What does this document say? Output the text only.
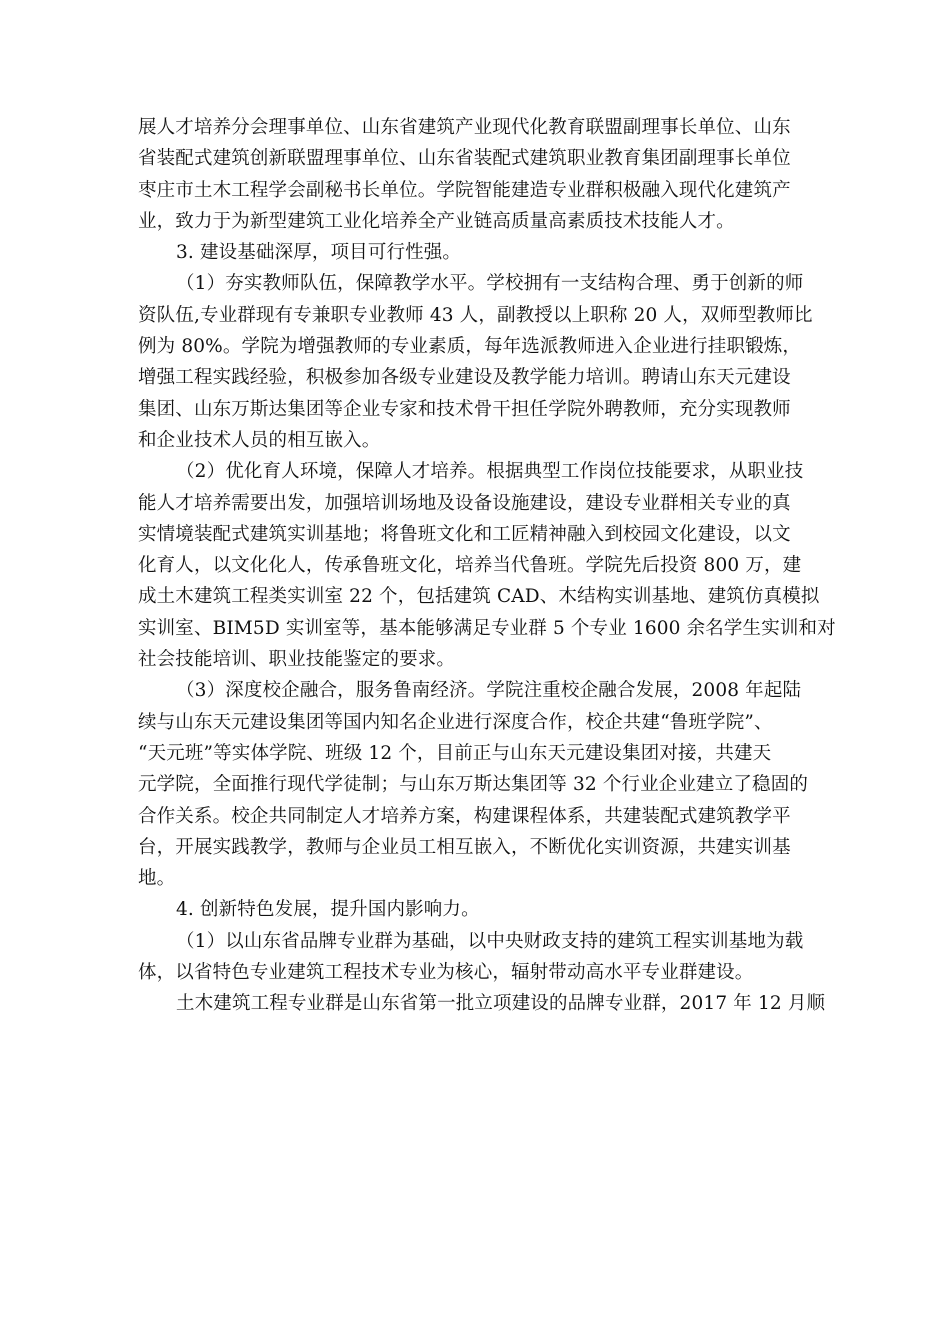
展人才培养分会理事单位、山东省建筑产业现代化教育联盟副理事长单位、山东
省装配式建筑创新联盟理事单位、山东省装配式建筑职业教育集团副理事长单位
枣庄市土木工程学会副秘书长单位。学院智能建造专业群积极融入现代化建筑产
业，致力于为新型建筑工业化培养全产业链高质量高素质技术技能人才。
3. 建设基础深厚，项目可行性强。
（1）夯实教师队伍，保障教学水平。学校拥有一支结构合理、勇于创新的师
资队伍,专业群现有专兼职专业教师 43 人，副教授以上职称 20 人，双师型教师比
例为 80%。学院为增强教师的专业素质，每年选派教师进入企业进行挂职锻炼，
增强工程实践经验，积极参加各级专业建设及教学能力培训。聘请山东天元建设
集团、山东万斯达集团等企业专家和技术骨干担任学院外聘教师，充分实现教师
和企业技术人员的相互嵌入。
（2）优化育人环境，保障人才培养。根据典型工作岗位技能要求，从职业技
能人才培养需要出发，加强培训场地及设备设施建设，建设专业群相关专业的真
实情境装配式建筑实训基地；将鲁班文化和工匠精神融入到校园文化建设，以文
化育人，以文化化人，传承鲁班文化，培养当代鲁班。学院先后投资 800 万，建
成土木建筑工程类实训室 22 个，包括建筑 CAD、木结构实训基地、建筑仿真模拟
实训室、BIM5D 实训室等，基本能够满足专业群 5 个专业 1600 余名学生实训和对
社会技能培训、职业技能鉴定的要求。
（3）深度校企融合，服务鲁南经济。学院注重校企融合发展，2008 年起陆
续与山东天元建设集团等国内知名企业进行深度合作，校企共建“鲁班学院”、
“天元班”等实体学院、班级 12 个，目前正与山东天元建设集团对接，共建天
元学院，全面推行现代学徒制；与山东万斯达集团等 32 个行业企业建立了稳固的
合作关系。校企共同制定人才培养方案，构建课程体系，共建装配式建筑教学平
台，开展实践教学，教师与企业员工相互嵌入，不断优化实训资源，共建实训基
地。
4. 创新特色发展，提升国内影响力。
（1）以山东省品牌专业群为基础，以中央财政支持的建筑工程实训基地为载
体，以省特色专业建筑工程技术专业为核心，辐射带动高水平专业群建设。
土木建筑工程专业群是山东省第一批立项建设的品牌专业群，2017 年 12 月顺
